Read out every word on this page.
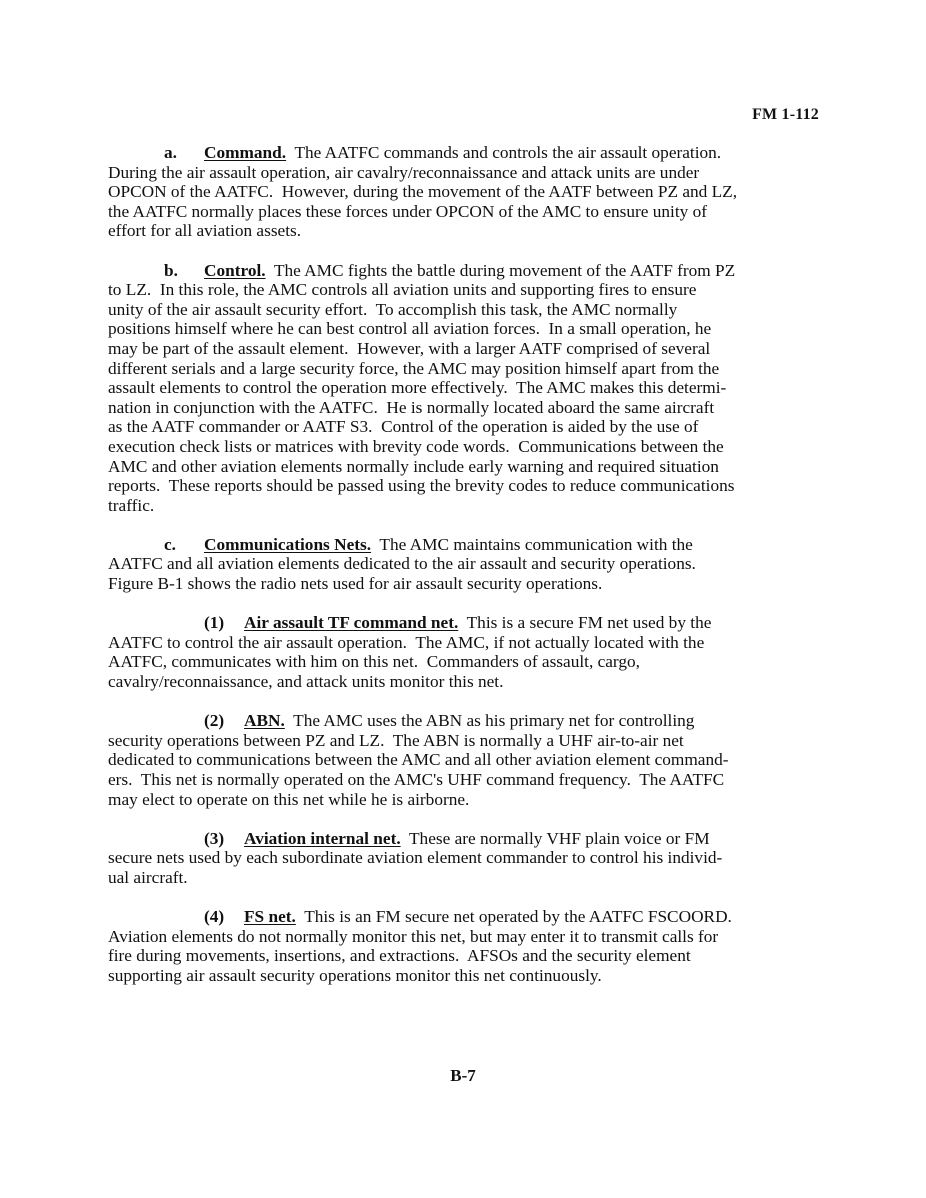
FM 1-112

a. Command. The AATFC commands and controls the air assault operation.
During the air assault operation, air cavalry/reconnaissance and attack units are under
OPCON of the AATFC.  However, during the movement of the AATF between PZ and LZ,
the AATFC normally places these forces under OPCON of the AMC to ensure unity of
effort for all aviation assets.

b. Control. The AMC fights the battle during movement of the AATF from PZ
to LZ.  In this role, the AMC controls all aviation units and supporting fires to ensure
unity of the air assault security effort.  To accomplish this task, the AMC normally
positions himself where he can best control all aviation forces.  In a small operation, he
may be part of the assault element.  However, with a larger AATF comprised of several
different serials and a large security force, the AMC may position himself apart from the
assault elements to control the operation more effectively.  The AMC makes this determi-
nation in conjunction with the AATFC.  He is normally located aboard the same aircraft
as the AATF commander or AATF S3.  Control of the operation is aided by the use of
execution check lists or matrices with brevity code words.  Communications between the
AMC and other aviation elements normally include early warning and required situation
reports.  These reports should be passed using the brevity codes to reduce communications
traffic.

c. Communications Nets. The AMC maintains communication with the
AATFC and all aviation elements dedicated to the air assault and security operations.
Figure B-1 shows the radio nets used for air assault security operations.

(1) Air assault TF command net. This is a secure FM net used by the
AATFC to control the air assault operation.  The AMC, if not actually located with the
AATFC, communicates with him on this net.  Commanders of assault, cargo,
cavalry/reconnaissance, and attack units monitor this net.

(2) ABN. The AMC uses the ABN as his primary net for controlling
security operations between PZ and LZ.  The ABN is normally a UHF air-to-air net
dedicated to communications between the AMC and all other aviation element command-
ers.  This net is normally operated on the AMC's UHF command frequency.  The AATFC
may elect to operate on this net while he is airborne.

(3) Aviation internal net. These are normally VHF plain voice or FM
secure nets used by each subordinate aviation element commander to control his individ-
ual aircraft.

(4) FS net. This is an FM secure net operated by the AATFC FSCOORD.
Aviation elements do not normally monitor this net, but may enter it to transmit calls for
fire during movements, insertions, and extractions.  AFSOs and the security element
supporting air assault security operations monitor this net continuously.

B-7
